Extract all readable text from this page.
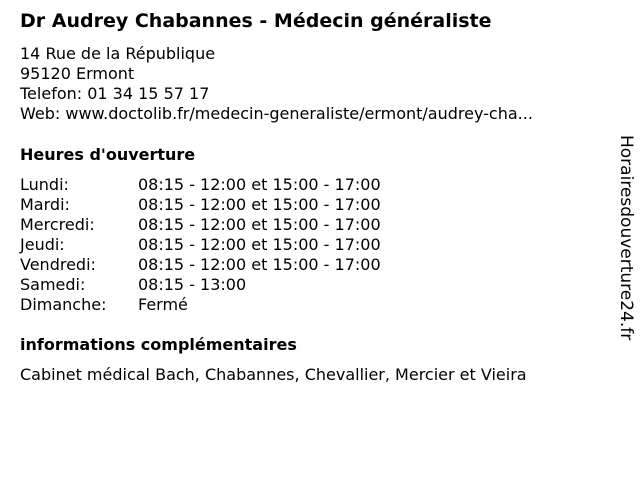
Dr Audrey Chabannes - Médecin généraliste
14 Rue de la République
95120 Ermont
Telefon: 01 34 15 57 17
Web: www.doctolib.fr/medecin-generaliste/ermont/audrey-cha...
Heures d'ouverture
Lundi:	08:15 - 12:00 et 15:00 - 17:00
Mardi:	08:15 - 12:00 et 15:00 - 17:00
Mercredi:	08:15 - 12:00 et 15:00 - 17:00
Jeudi:	08:15 - 12:00 et 15:00 - 17:00
Vendredi:	08:15 - 12:00 et 15:00 - 17:00
Samedi:	08:15 - 13:00
Dimanche:	Fermé
informations complémentaires
Cabinet médical Bach, Chabannes, Chevallier, Mercier et Vieira
Horairesdouverture24.fr
